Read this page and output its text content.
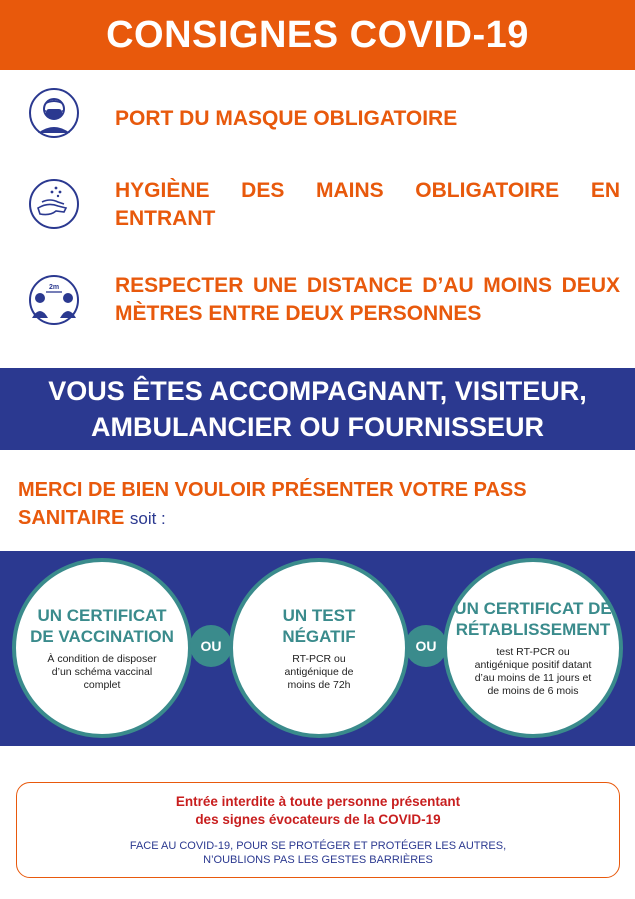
CONSIGNES COVID-19
PORT DU MASQUE OBLIGATOIRE
HYGIÈNE DES MAINS OBLIGATOIRE EN ENTRANT
2m	RESPECTER UNE DISTANCE D’AU MOINS DEUX MÈTRES ENTRE DEUX PERSONNES
VOUS ÊTES ACCOMPAGNANT, VISITEUR,
AMBULANCIER OU FOURNISSEUR
MERCI DE BIEN VOULOIR PRÉSENTER VOTRE PASS SANITAIRE soit :
UN CERTIFICAT DE VACCINATION
À condition de disposer d’un schéma vaccinal complet
OU
UN TEST NÉGATIF
RT-PCR ou antigénique de moins de 72h
OU
UN CERTIFICAT DE RÉTABLISSEMENT
test RT-PCR ou antigénique positif datant d’au moins de 11 jours et de moins de 6 mois
Entrée interdite à toute personne présentant
des signes évocateurs de la COVID-19
FACE AU COVID-19, POUR SE PROTÉGER ET PROTÉGER LES AUTRES,
N’OUBLIONS PAS LES GESTES BARRIÈRES
